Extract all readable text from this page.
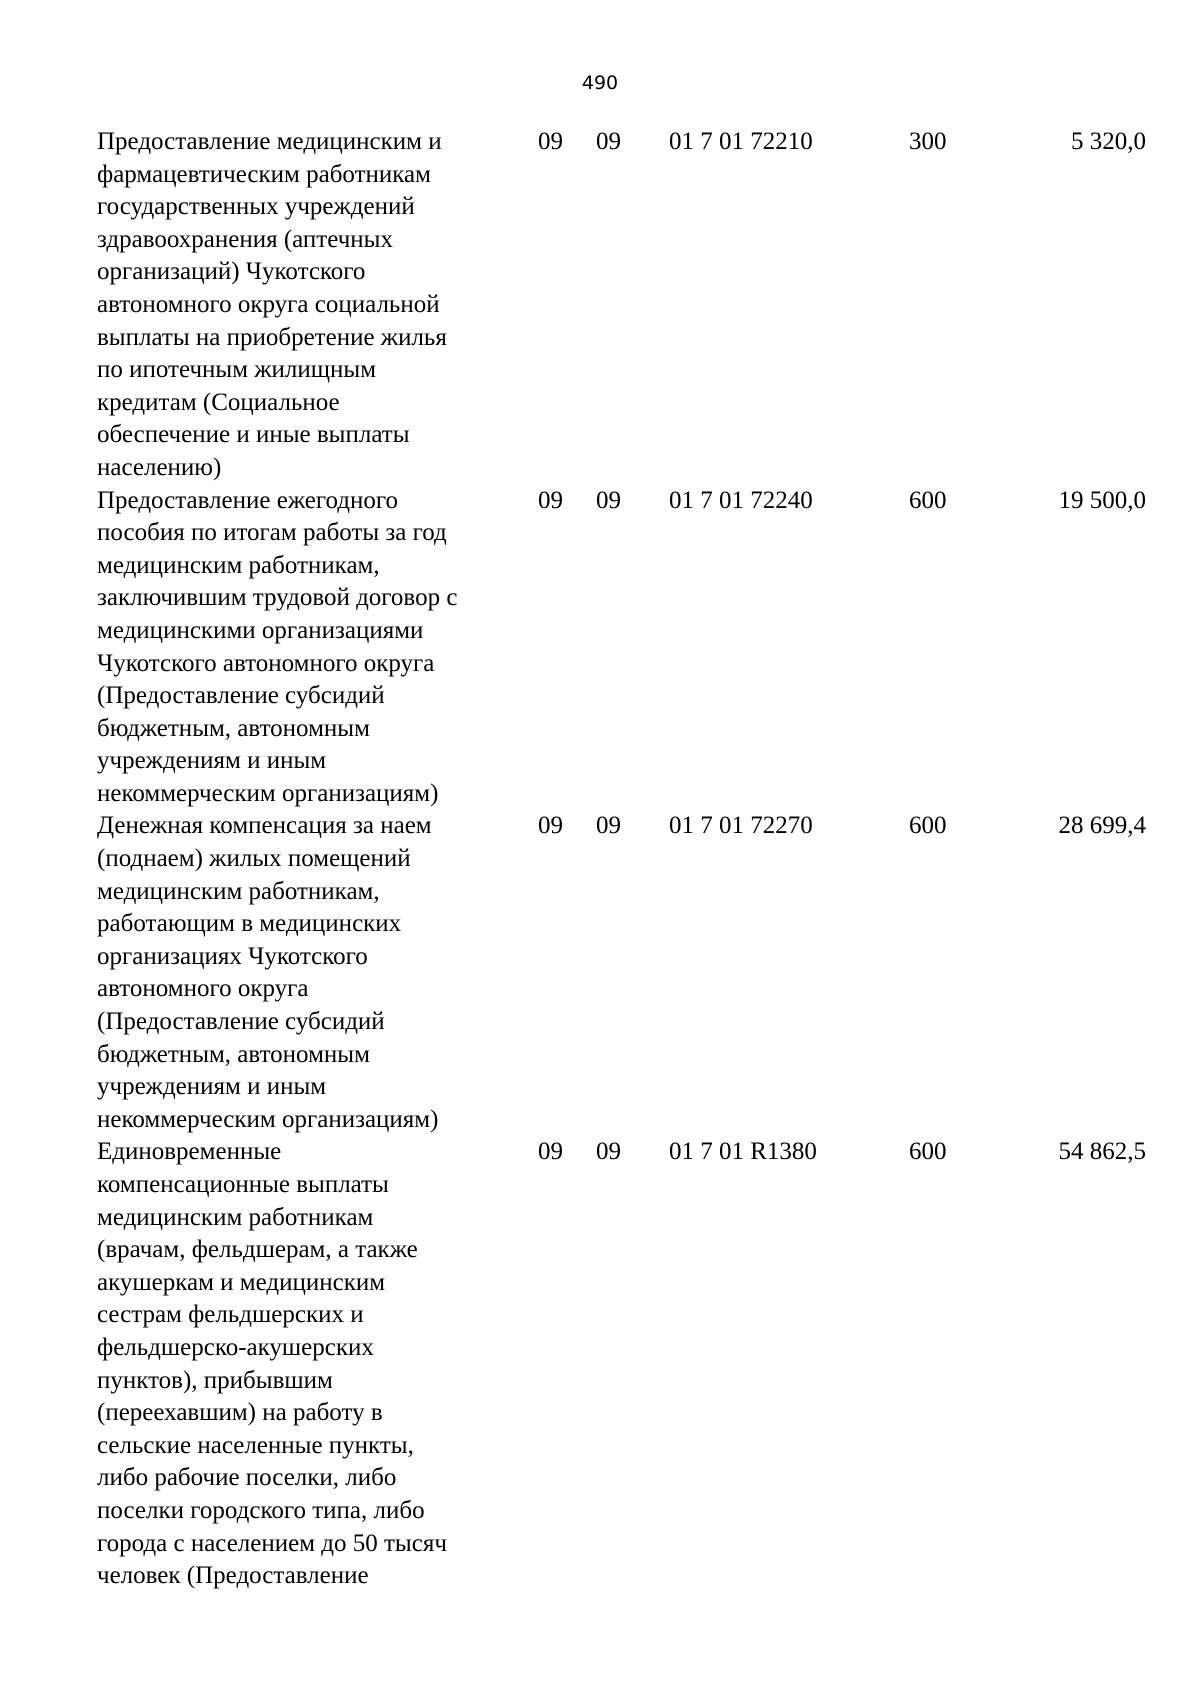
490
Предоставление медицинским и
фармацевтическим работникам
государственных учреждений
здравоохранения (аптечных
организаций) Чукотского
автономного округа социальной
выплаты на приобретение жилья
по ипотечным жилищным
кредитам (Социальное
обеспечение и иные выплаты
населению)
09 09 01 7 01 72210	300	5 320,0
Предоставление ежегодного
пособия по итогам работы за год
медицинским работникам,
заключившим трудовой договор с
медицинскими организациями
Чукотского автономного округа
(Предоставление субсидий
бюджетным, автономным
учреждениям и иным
некоммерческим организациям)
09 09 01 7 01 72240	600	19 500,0
Денежная компенсация за наем
(поднаем) жилых помещений
медицинским работникам,
работающим в медицинских
организациях Чукотского
автономного округа
(Предоставление субсидий
бюджетным, автономным
учреждениям и иным
некоммерческим организациям)
09 09 01 7 01 72270	600	28 699,4
Единовременные
компенсационные выплаты
медицинским работникам
(врачам, фельдшерам, а также
акушеркам и медицинским
сестрам фельдшерских и
фельдшерско-акушерских
пунктов), прибывшим
(переехавшим) на работу в
сельские населенные пункты,
либо рабочие поселки, либо
поселки городского типа, либо
города с населением до 50 тысяч
человек (Предоставление
09 09 01 7 01 R1380	600	54 862,5
